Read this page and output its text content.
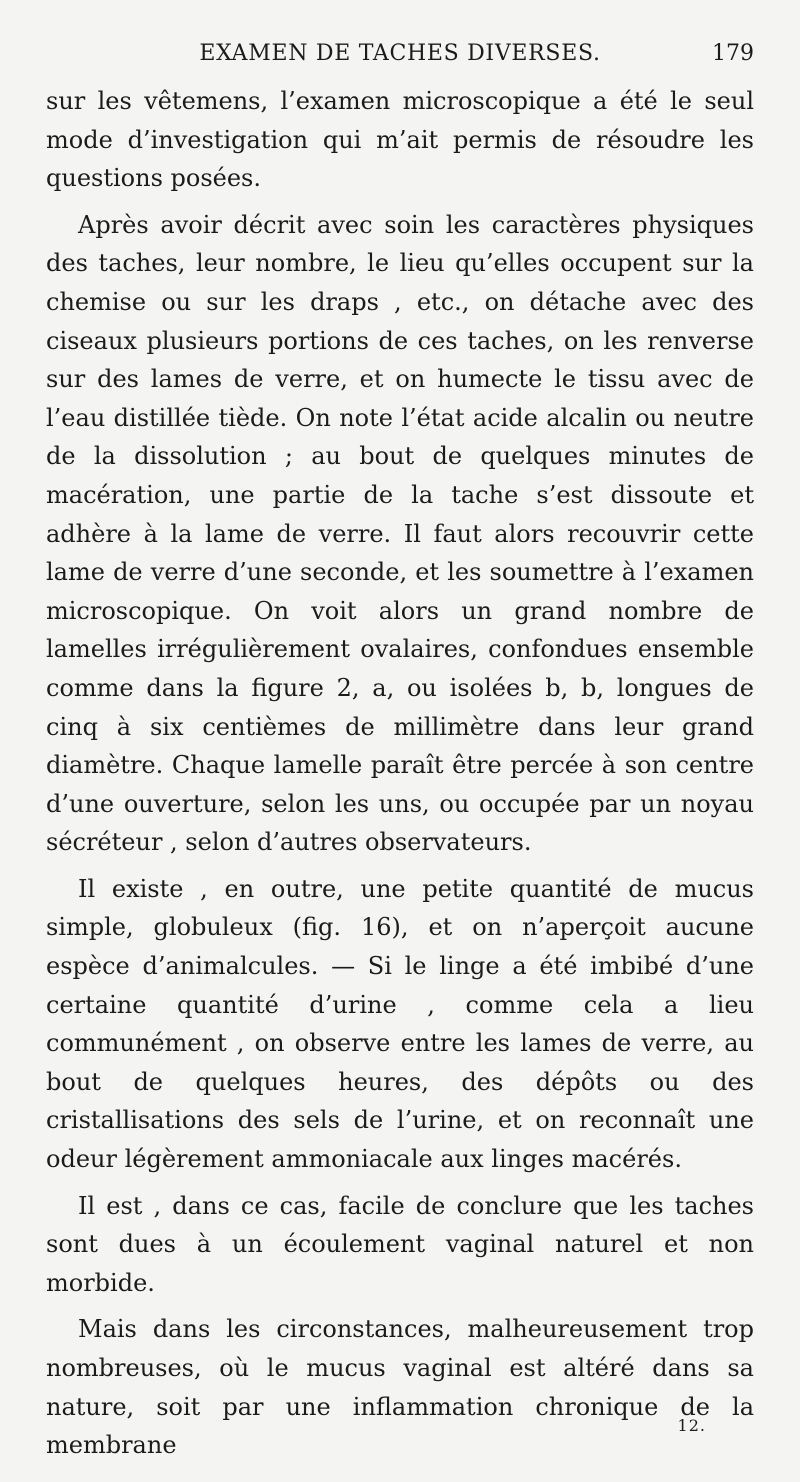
EXAMEN DE TACHES DIVERSES.	179

sur les vêtemens, l’examen microscopique a été le seul mode d’investigation qui m’ait permis de résoudre les questions posées.

Après avoir décrit avec soin les caractères physiques des taches, leur nombre, le lieu qu’elles occupent sur la chemise ou sur les draps , etc., on détache avec des ciseaux plusieurs portions de ces taches, on les renverse sur des lames de verre, et on humecte le tissu avec de l’eau distillée tiède. On note l’état acide alcalin ou neutre de la dissolution ; au bout de quelques minutes de macération, une partie de la tache s’est dissoute et adhère à la lame de verre. Il faut alors recouvrir cette lame de verre d’une seconde, et les soumettre à l’examen microscopique. On voit alors un grand nombre de lamelles irrégulièrement ovalaires, confondues ensemble comme dans la figure 2, a, ou isolées b, b, longues de cinq à six centièmes de millimètre dans leur grand diamètre. Chaque lamelle paraît être percée à son centre d’une ouverture, selon les uns, ou occupée par un noyau sécréteur , selon d’autres observateurs.

Il existe , en outre, une petite quantité de mucus simple, globuleux (fig. 16), et on n’aperçoit aucune espèce d’animalcules. — Si le linge a été imbibé d’une certaine quantité d’urine , comme cela a lieu communément , on observe entre les lames de verre, au bout de quelques heures, des dépôts ou des cristallisations des sels de l’urine, et on reconnaît une odeur légèrement ammoniacale aux linges macérés.

Il est , dans ce cas, facile de conclure que les taches sont dues à un écoulement vaginal naturel et non morbide.

Mais dans les circonstances, malheureusement trop nombreuses, où le mucus vaginal est altéré dans sa nature, soit par une inflammation chronique de la membrane

12.
